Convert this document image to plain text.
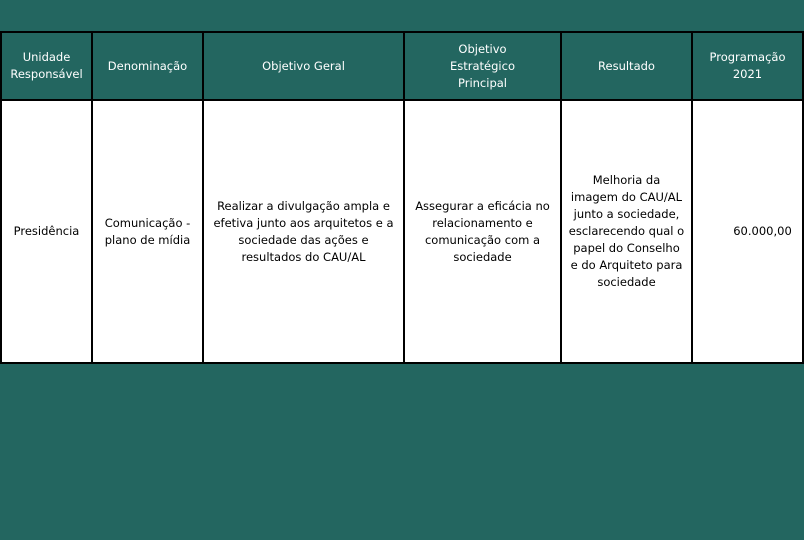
Unidade Responsável	Denominação	Objetivo Geral	Objetivo Estratégico Principal	Resultado	Programação 2021
Presidência	Comunicação - plano de mídia	Realizar a divulgação ampla e efetiva junto aos arquitetos e a sociedade das ações e resultados do CAU/AL	Assegurar a eficácia no relacionamento e comunicação com a sociedade	Melhoria da imagem do CAU/AL junto a sociedade, esclarecendo qual o papel do Conselho e do Arquiteto para sociedade	60.000,00
